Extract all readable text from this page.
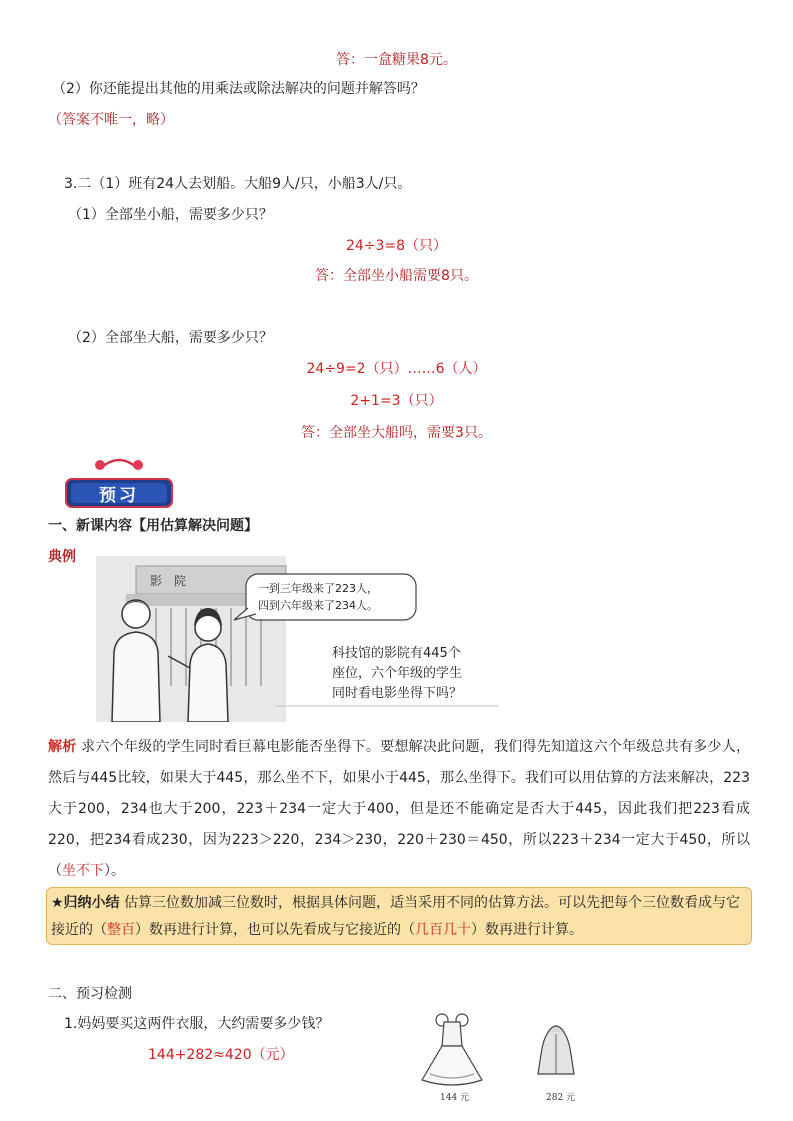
答：一盒糖果8元。
（2）你还能提出其他的用乘法或除法解决的问题并解答吗？
（答案不唯一，略）
3.二（1）班有24人去划船。大船9人/只，小船3人/只。
（1）全部坐小船，需要多少只？
24÷3=8（只）
答：全部坐小船需要8只。
（2）全部坐大船，需要多少只？
24÷9=2（只）……6（人）
2+1=3（只）
答：全部坐大船吗，需要3只。
预习
一、新课内容【用估算解决问题】
典例
影　院
一到三年级来了223人，
四到六年级来了234人。
科技馆的影院有445个
座位，六个年级的学生
同时看电影坐得下吗？
解析 求六个年级的学生同时看巨幕电影能否坐得下。要想解决此问题，我们得先知道这六个年级总共有多少人，然后与445比较，如果大于445，那么坐不下，如果小于445，那么坐得下。我们可以用估算的方法来解决，223大于200，234也大于200，223＋234一定大于400，但是还不能确定是否大于445，因此我们把223看成220，把234看成230，因为223＞220，234＞230，220＋230＝450，所以223＋234一定大于450，所以（坐不下）。
★归纳小结 估算三位数加减三位数时，根据具体问题，适当采用不同的估算方法。可以先把每个三位数看成与它接近的（整百）数再进行计算，也可以先看成与它接近的（几百几十）数再进行计算。
二、预习检测
1.妈妈要买这两件衣服，大约需要多少钱？
144+282≈420（元）
144 元	282 元
